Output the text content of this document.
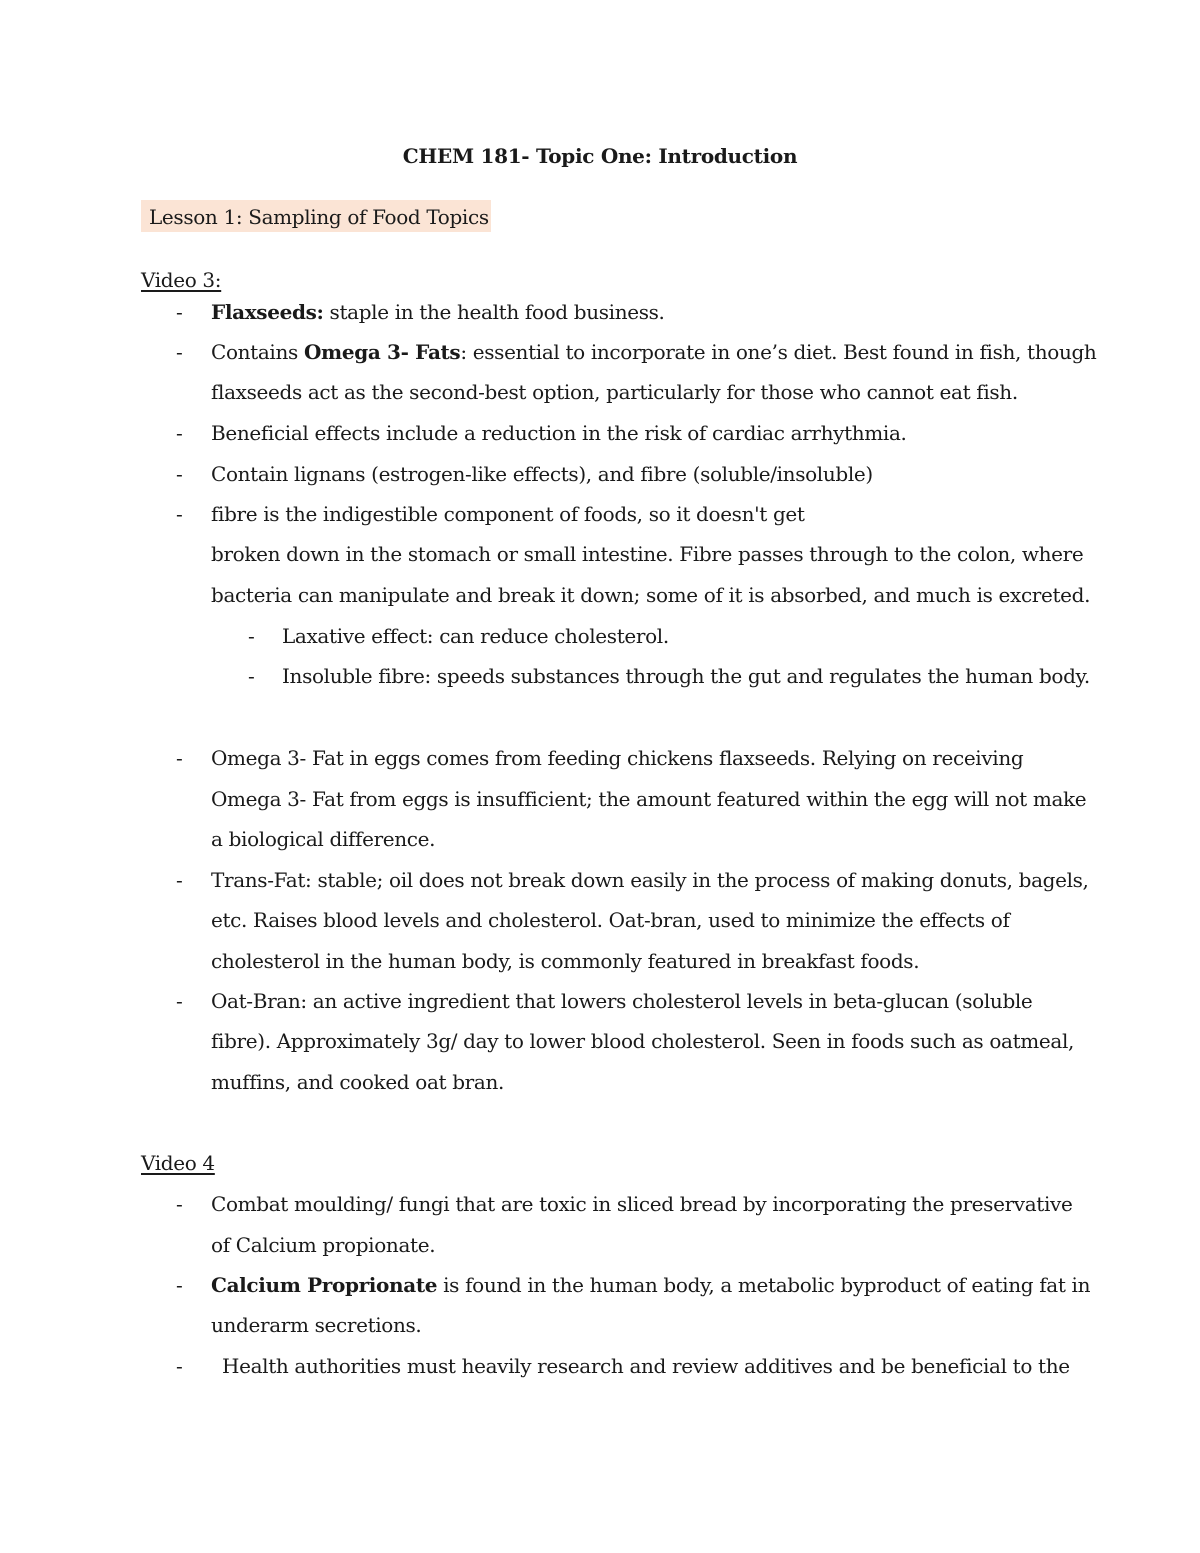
CHEM 181- Topic One: Introduction
Lesson 1: Sampling of Food Topics
Video 3:
- Flaxseeds: staple in the health food business.
- Contains Omega 3- Fats: essential to incorporate in one’s diet. Best found in fish, though
flaxseeds act as the second-best option, particularly for those who cannot eat fish.
- Beneficial effects include a reduction in the risk of cardiac arrhythmia.
- Contain lignans (estrogen-like effects), and fibre (soluble/insoluble)
- fibre is the indigestible component of foods, so it doesn't get
broken down in the stomach or small intestine. Fibre passes through to the colon, where
bacteria can manipulate and break it down; some of it is absorbed, and much is excreted.
- Laxative effect: can reduce cholesterol.
- Insoluble fibre: speeds substances through the gut and regulates the human body.
- Omega 3- Fat in eggs comes from feeding chickens flaxseeds. Relying on receiving
Omega 3- Fat from eggs is insufficient; the amount featured within the egg will not make
a biological difference.
- Trans-Fat: stable; oil does not break down easily in the process of making donuts, bagels,
etc. Raises blood levels and cholesterol. Oat-bran, used to minimize the effects of
cholesterol in the human body, is commonly featured in breakfast foods.
- Oat-Bran: an active ingredient that lowers cholesterol levels in beta-glucan (soluble
fibre). Approximately 3g/ day to lower blood cholesterol. Seen in foods such as oatmeal,
muffins, and cooked oat bran.
Video 4
- Combat moulding/ fungi that are toxic in sliced bread by incorporating the preservative
of Calcium propionate.
- Calcium Proprionate is found in the human body, a metabolic byproduct of eating fat in
underarm secretions.
- Health authorities must heavily research and review additives and be beneficial to the
